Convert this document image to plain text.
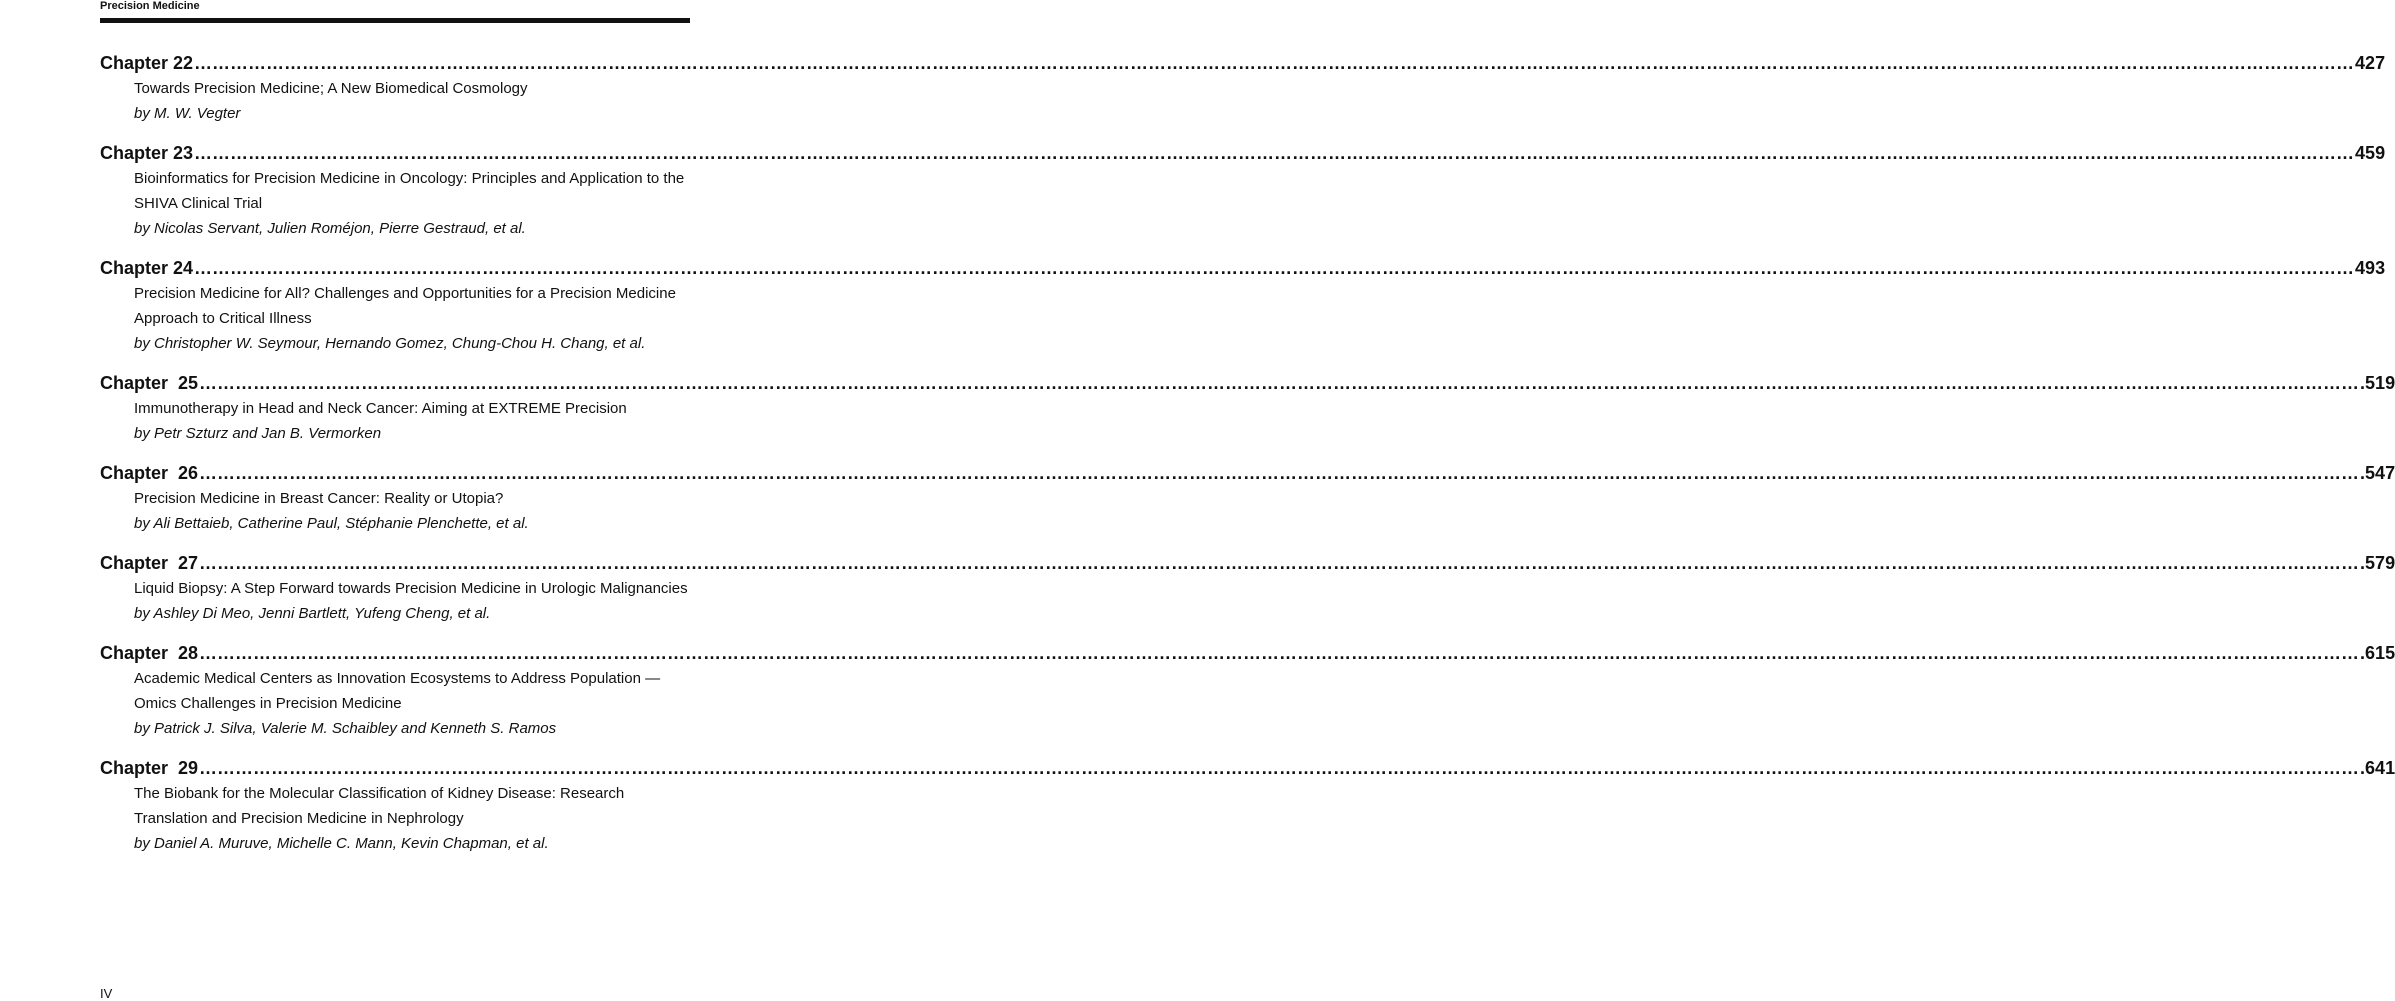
Precision Medicine
Chapter 22 ……………………………………………………………………………………………………………………………………………………………………………………………………………………………………………………………………………………………………………………………… 427
Towards Precision Medicine; A New Biomedical Cosmology
by M. W. Vegter
Chapter 23 ……………………………………………………………………………………………………………………………………………………………………………………………………………………………………………………………………………………………………………………………… 459
Bioinformatics for Precision Medicine in Oncology: Principles and Application to the SHIVA Clinical Trial
by Nicolas Servant, Julien Roméjon, Pierre Gestraud, et al.
Chapter 24 ……………………………………………………………………………………………………………………………………………………………………………………………………………………………………………………………………………………………………………………………… 493
Precision Medicine for All? Challenges and Opportunities for a Precision Medicine Approach to Critical Illness
by Christopher W. Seymour, Hernando Gomez, Chung-Chou H. Chang, et al.
Chapter  25 ……………………………………………………………………………………………………………………………………………………………………………………………………………………………………………………………………………………………………………………………… .519
Immunotherapy in Head and Neck Cancer: Aiming at EXTREME Precision
by Petr Szturz and Jan B. Vermorken
Chapter  26 ……………………………………………………………………………………………………………………………………………………………………………………………………………………………………………………………………………………………………………………………… .547
Precision Medicine in Breast Cancer: Reality or Utopia?
by Ali Bettaieb, Catherine Paul, Stéphanie Plenchette, et al.
Chapter  27 ……………………………………………………………………………………………………………………………………………………………………………………………………………………………………………………………………………………………………………………………… .579
Liquid Biopsy: A Step Forward towards Precision Medicine in Urologic Malignancies
by Ashley Di Meo, Jenni Bartlett, Yufeng Cheng, et al.
Chapter  28 ……………………………………………………………………………………………………………………………………………………………………………………………………………………………………………………………………………………………………………………………… .615
Academic Medical Centers as Innovation Ecosystems to Address Population —Omics Challenges in Precision Medicine
by Patrick J. Silva, Valerie M. Schaibley and Kenneth S. Ramos
Chapter  29 ……………………………………………………………………………………………………………………………………………………………………………………………………………………………………………………………………………………………………………………………… .641
The Biobank for the Molecular Classification of Kidney Disease: Research Translation and Precision Medicine in Nephrology
by Daniel A. Muruve, Michelle C. Mann, Kevin Chapman, et al.
IV
